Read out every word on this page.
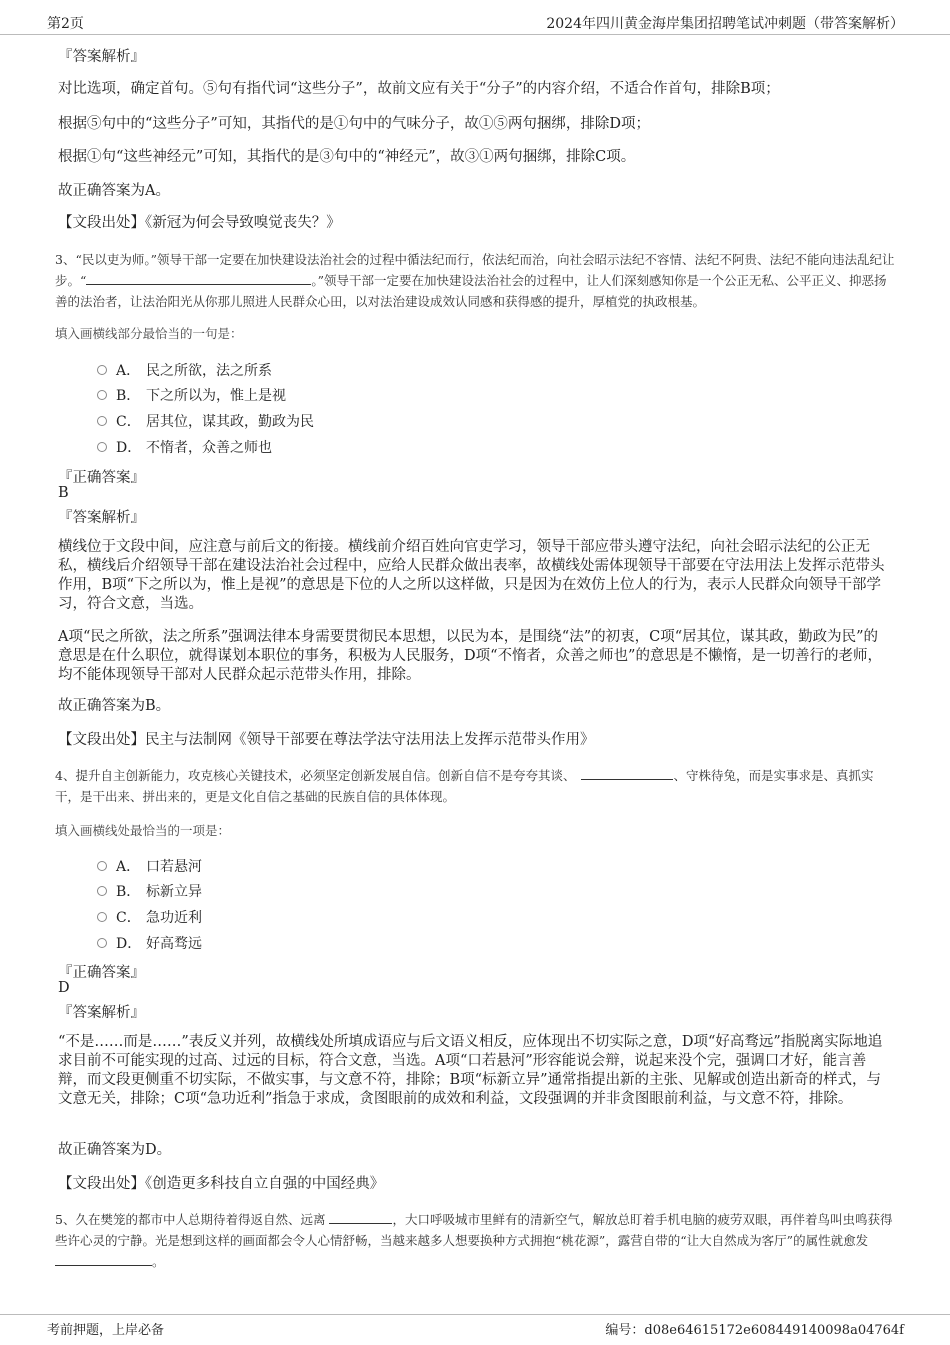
第2页	2024年四川黄金海岸集团招聘笔试冲刺题（带答案解析）
『答案解析』
对比选项，确定首句。⑤句有指代词“这些分子”，故前文应有关于“分子”的内容介绍，不适合作首句，排除B项；
根据⑤句中的“这些分子”可知，其指代的是①句中的气味分子，故①⑤两句捆绑，排除D项；
根据①句“这些神经元”可知，其指代的是③句中的“神经元”，故③①两句捆绑，排除C项。
故正确答案为A。
【文段出处】《新冠为何会导致嗅觉丧失？》
3、“民以吏为师。”领导干部一定要在加快建设法治社会的过程中循法纪而行，依法纪而治，向社会昭示法纪不容情、法纪不阿贵、法纪不能向违法乱纪让步。“	。”领导干部一定要在加快建设法治社会的过程中，让人们深刻感知你是一个公正无私、公平正义、抑恶扬善的法治者，让法治阳光从你那儿照进人民群众心田，以对法治建设成效认同感和获得感的提升，厚植党的执政根基。
填入画横线部分最恰当的一句是：
A． 民之所欲，法之所系
B． 下之所以为，惟上是视
C． 居其位，谋其政，勤政为民
D． 不惰者，众善之师也
『正确答案』
B
『答案解析』
横线位于文段中间，应注意与前后文的衔接。横线前介绍百姓向官吏学习，领导干部应带头遵守法纪，向社会昭示法纪的公正无私，横线后介绍领导干部在建设法治社会过程中，应给人民群众做出表率，故横线处需体现领导干部要在守法用法上发挥示范带头作用，B项“下之所以为，惟上是视”的意思是下位的人之所以这样做，只是因为在效仿上位人的行为，表示人民群众向领导干部学习，符合文意，当选。
A项“民之所欲，法之所系”强调法律本身需要贯彻民本思想，以民为本，是围绕“法”的初衷，C项“居其位，谋其政，勤政为民”的意思是在什么职位，就得谋划本职位的事务，积极为人民服务，D项“不惰者，众善之师也”的意思是不懒惰，是一切善行的老师，均不能体现领导干部对人民群众起示范带头作用，排除。
故正确答案为B。
【文段出处】民主与法制网《领导干部要在尊法学法守法用法上发挥示范带头作用》
4、提升自主创新能力，攻克核心关键技术，必须坚定创新发展自信。创新自信不是夸夸其谈、	、守株待兔，而是实事求是、真抓实干，是干出来、拼出来的，更是文化自信之基础的民族自信的具体体现。
填入画横线处最恰当的一项是：
A． 口若悬河
B． 标新立异
C． 急功近利
D． 好高骛远
『正确答案』
D
『答案解析』
“不是……而是……”表反义并列，故横线处所填成语应与后文语义相反，应体现出不切实际之意，D项“好高骛远”指脱离实际地追求目前不可能实现的过高、过远的目标，符合文意，当选。A项“口若悬河”形容能说会辩，说起来没个完，强调口才好，能言善辩，而文段更侧重不切实际，不做实事，与文意不符，排除；B项“标新立异”通常指提出新的主张、见解或创造出新奇的样式，与文意无关，排除；C项“急功近利”指急于求成，贪图眼前的成效和利益，文段强调的并非贪图眼前利益，与文意不符，排除。
故正确答案为D。
【文段出处】《创造更多科技自立自强的中国经典》
5、久在樊笼的都市中人总期待着得返自然、远离	，大口呼吸城市里鲜有的清新空气，解放总盯着手机电脑的疲劳双眼，再伴着鸟叫虫鸣获得些许心灵的宁静。光是想到这样的画面都会令人心情舒畅，当越来越多人想要换种方式拥抱“桃花源”，露营自带的“让大自然成为客厅”的属性就愈发。
考前押题，上岸必备	编号：d08e64615172e608449140098a04764f
